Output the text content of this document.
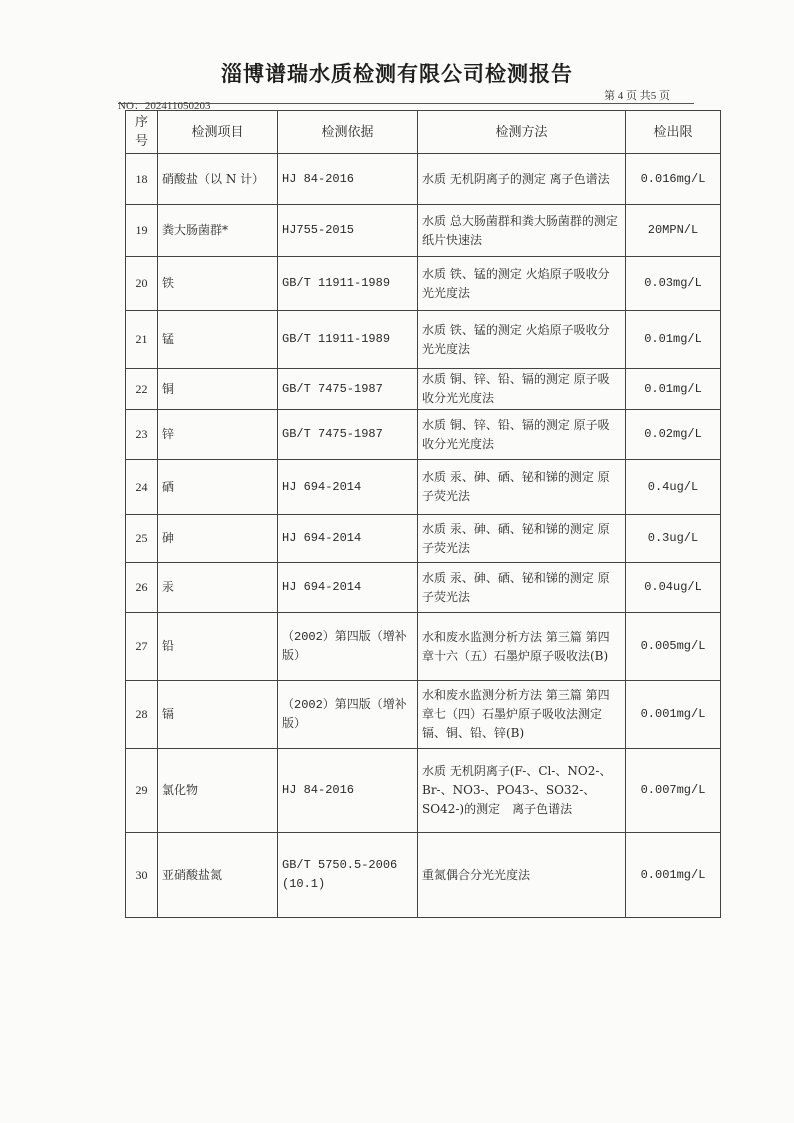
淄博谱瑞水质检测有限公司检测报告
第 4 页 共5 页
NO：202411050203
序号	检测项目	检测依据	检测方法	检出限
18	硝酸盐（以 N 计）	HJ 84-2016	水质 无机阴离子的测定 离子色谱法	0.016mg/L
19	粪大肠菌群*	HJ755-2015	水质 总大肠菌群和粪大肠菌群的测定　 纸片快速法	20MPN/L
20	铁	GB/T 11911-1989	水质 铁、锰的测定 火焰原子吸收分光光度法	0.03mg/L
21	锰	GB/T 11911-1989	水质 铁、锰的测定 火焰原子吸收分光光度法	0.01mg/L
22	铜	GB/T 7475-1987	水质 铜、锌、铅、镉的测定 原子吸收分光光度法	0.01mg/L
23	锌	GB/T 7475-1987	水质 铜、锌、铅、镉的测定 原子吸收分光光度法	0.02mg/L
24	硒	HJ 694-2014	水质 汞、砷、硒、铋和锑的测定 原子荧光法	0.4ug/L
25	砷	HJ 694-2014	水质 汞、砷、硒、铋和锑的测定 原子荧光法	0.3ug/L
26	汞	HJ 694-2014	水质 汞、砷、硒、铋和锑的测定 原子荧光法	0.04ug/L
27	铅	（2002）第四版（增补版）	水和废水监测分析方法 第三篇 第四章十六（五）石墨炉原子吸收法(B)	0.005mg/L
28	镉	（2002）第四版（增补版）	水和废水监测分析方法 第三篇 第四章七（四）石墨炉原子吸收法测定镉、铜、铅、锌(B)	0.001mg/L
29	氯化物	HJ 84-2016	水质 无机阴离子(F-、Cl-、NO2-、Br-、NO3-、PO43-、SO32-、SO42-)的测定　离子色谱法	0.007mg/L
30	亚硝酸盐氮	GB/T 5750.5-2006 (10.1)	重氮偶合分光光度法	0.001mg/L
